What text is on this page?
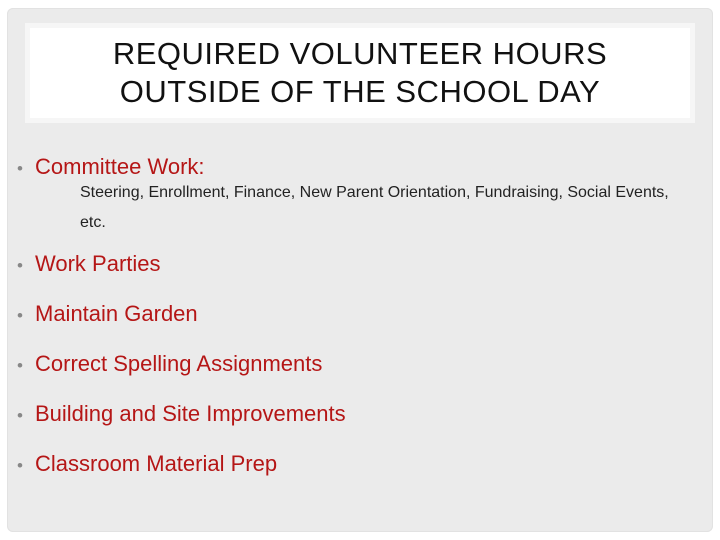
REQUIRED VOLUNTEER HOURS
OUTSIDE OF THE SCHOOL DAY
• Committee Work:
Steering, Enrollment, Finance, New Parent Orientation, Fundraising, Social Events, etc.
• Work Parties
• Maintain Garden
• Correct Spelling Assignments
• Building and Site Improvements
• Classroom Material Prep
